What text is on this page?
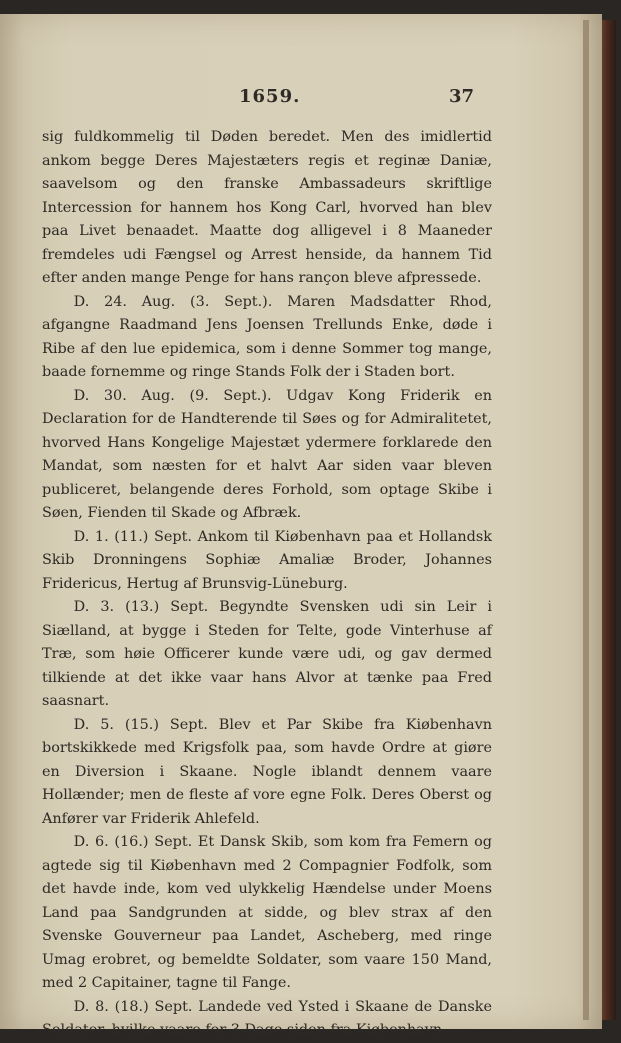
1659.	37

sig fuldkommelig til Døden beredet. Men des imidlertid ankom begge Deres Majestæters regis et reginæ Daniæ, saavelsom og den franske Ambassadeurs skriftlige Intercession for hannem hos Kong Carl, hvorved han blev paa Livet benaadet. Maatte dog alligevel i 8 Maaneder fremdeles udi Fængsel og Arrest henside, da hannem Tid efter anden mange Penge for hans rançon bleve afpressede.

D. 24. Aug. (3. Sept.). Maren Madsdatter Rhod, afgangne Raadmand Jens Joensen Trellunds Enke, døde i Ribe af den lue epidemica, som i denne Sommer tog mange, baade fornemme og ringe Stands Folk der i Staden bort.

D. 30. Aug. (9. Sept.). Udgav Kong Friderik en Declaration for de Handterende til Søes og for Admiralitetet, hvorved Hans Kongelige Majestæt ydermere forklarede den Mandat, som næsten for et halvt Aar siden vaar bleven publiceret, belangende deres Forhold, som optage Skibe i Søen, Fienden til Skade og Afbræk.

D. 1. (11.) Sept. Ankom til Kiøbenhavn paa et Hollandsk Skib Dronningens Sophiæ Amaliæ Broder, Johannes Fridericus, Hertug af Brunsvig-Lüneburg.

D. 3. (13.) Sept. Begyndte Svensken udi sin Leir i Siælland, at bygge i Steden for Telte, gode Vinterhuse af Træ, som høie Officerer kunde være udi, og gav dermed tilkiende at det ikke vaar hans Alvor at tænke paa Fred saasnart.

D. 5. (15.) Sept. Blev et Par Skibe fra Kiøbenhavn bortskikkede med Krigsfolk paa, som havde Ordre at giøre en Diversion i Skaane. Nogle iblandt dennem vaare Hollænder; men de fleste af vore egne Folk. Deres Oberst og Anfører var Friderik Ahlefeld.

D. 6. (16.) Sept. Et Dansk Skib, som kom fra Femern og agtede sig til Kiøbenhavn med 2 Compagnier Fodfolk, som det havde inde, kom ved ulykkelig Hændelse under Moens Land paa Sandgrunden at sidde, og blev strax af den Svenske Gouverneur paa Landet, Ascheberg, med ringe Umag erobret, og bemeldte Soldater, som vaare 150 Mand, med 2 Capitainer, tagne til Fange.

D. 8. (18.) Sept. Landede ved Ysted i Skaane de Danske Soldater, hvilke vaare for 3 Dage siden fra Kiøbenhavn
